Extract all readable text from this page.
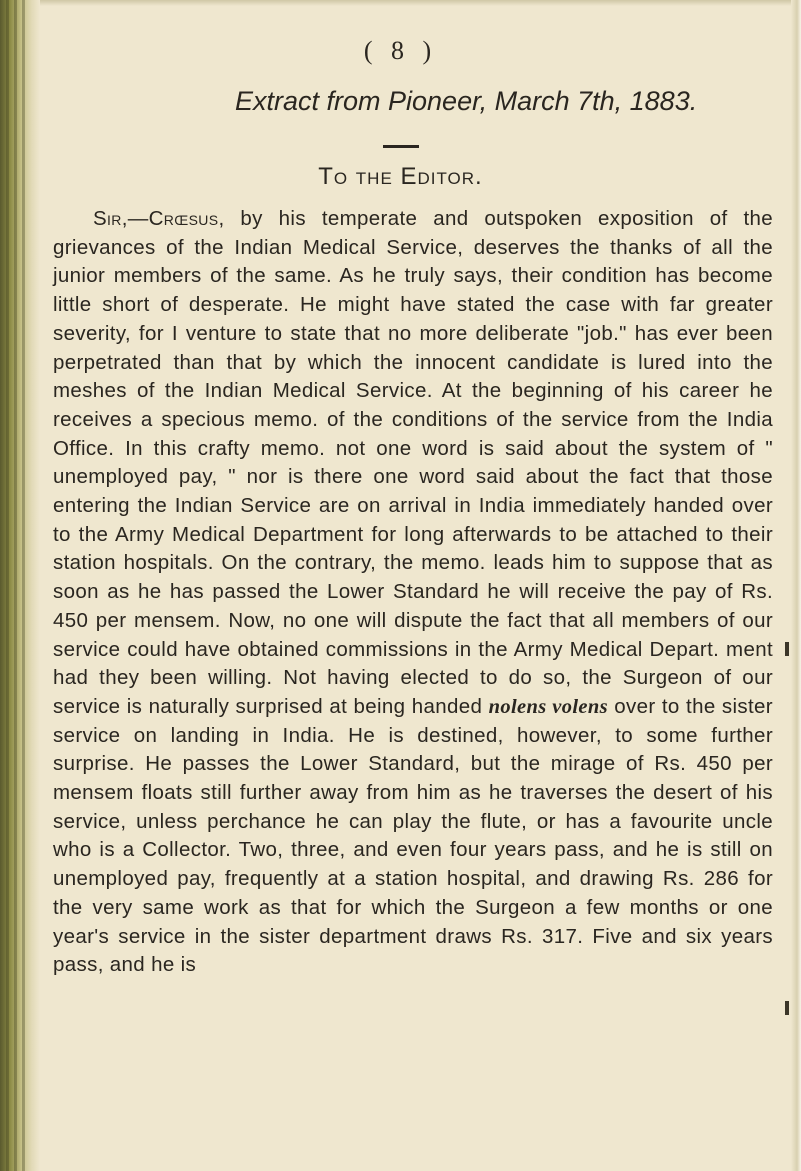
( 8 )
Extract from Pioneer, March 7th, 1883.
To the Editor.

Sir,—Crœsus, by his temperate and outspoken exposition of the grievances of the Indian Medical Service, deserves the thanks of all the junior members of the same. As he truly says, their condition has become little short of desperate. He might have stated the case with far greater severity, for I venture to state that no more deliberate "job." has ever been perpetrated than that by which the innocent candidate is lured into the meshes of the Indian Medical Service. At the beginning of his career he receives a specious memo. of the conditions of the service from the India Office. In this crafty memo. not one word is said about the system of " unemployed pay, " nor is there one word said about the fact that those entering the Indian Service are on arrival in India immediately handed over to the Army Medical Department for long afterwards to be attached to their station hospitals. On the contrary, the memo. leads him to suppose that as soon as he has passed the Lower Standard he will receive the pay of Rs. 450 per mensem. Now, no one will dispute the fact that all members of our service could have obtained commissions in the Army Medical Depart. ment had they been willing. Not having elected to do so, the Surgeon of our service is naturally surprised at being handed nolens volens over to the sister service on landing in India. He is destined, however, to some further surprise. He passes the Lower Standard, but the mirage of Rs. 450 per mensem floats still further away from him as he traverses the desert of his service, unless perchance he can play the flute, or has a favourite uncle who is a Collector. Two, three, and even four years pass, and he is still on unemployed pay, frequently at a station hospital, and drawing Rs. 286 for the very same work as that for which the Surgeon a few months or one year's service in the sister department draws Rs. 317. Five and six years pass, and he is
